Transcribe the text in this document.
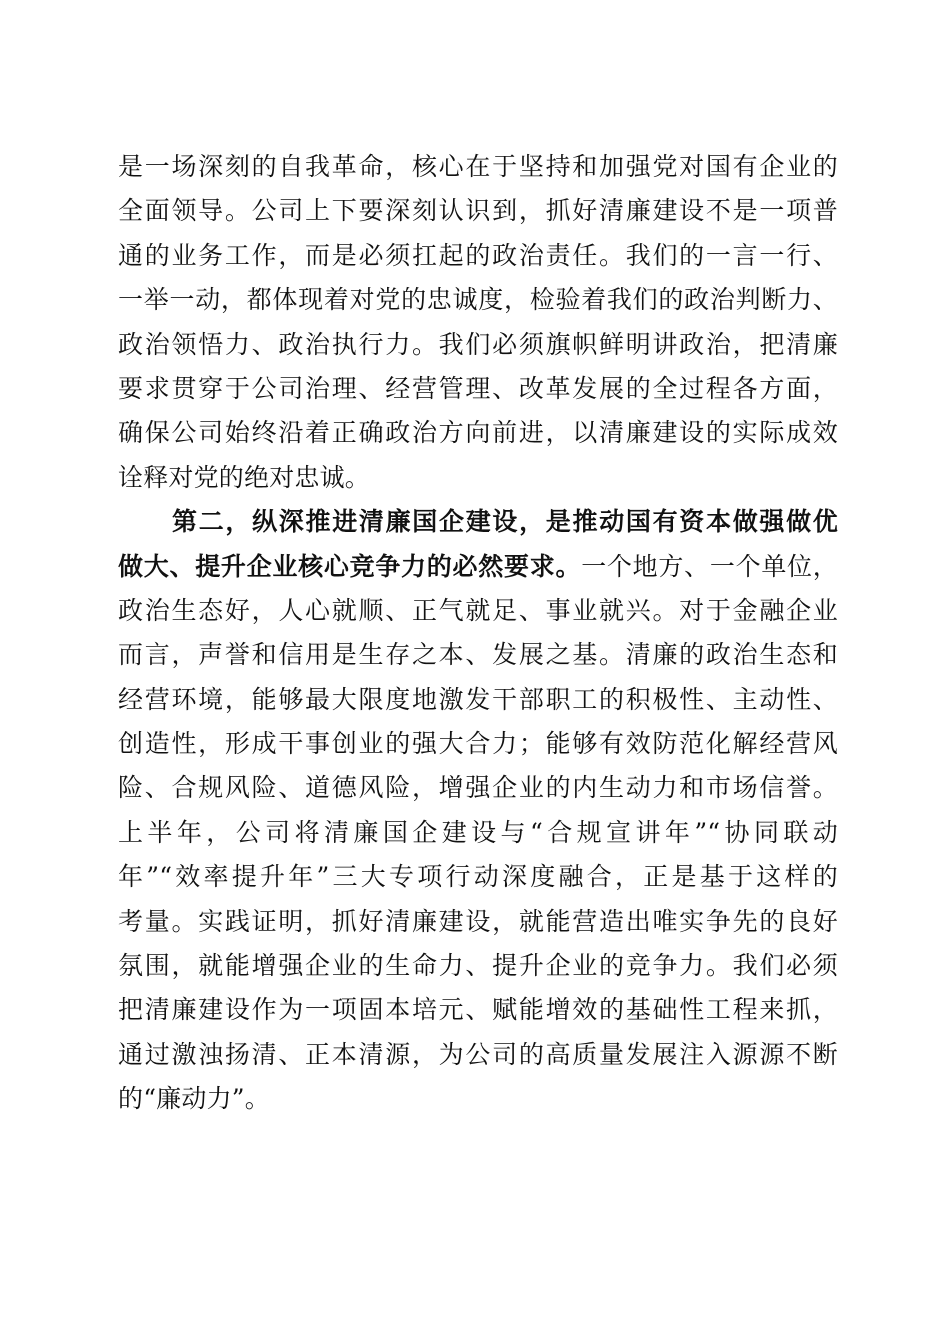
是一场深刻的自我革命，核心在于坚持和加强党对国有企业的
全面领导。公司上下要深刻认识到，抓好清廉建设不是一项普
通的业务工作，而是必须扛起的政治责任。我们的一言一行、
一举一动，都体现着对党的忠诚度，检验着我们的政治判断力、
政治领悟力、政治执行力。我们必须旗帜鲜明讲政治，把清廉
要求贯穿于公司治理、经营管理、改革发展的全过程各方面，
确保公司始终沿着正确政治方向前进，以清廉建设的实际成效
诠释对党的绝对忠诚。
第二，纵深推进清廉国企建设，是推动国有资本做强做优
做大、提升企业核心竞争力的必然要求。一个地方、一个单位，
政治生态好，人心就顺、正气就足、事业就兴。对于金融企业
而言，声誉和信用是生存之本、发展之基。清廉的政治生态和
经营环境，能够最大限度地激发干部职工的积极性、主动性、
创造性，形成干事创业的强大合力；能够有效防范化解经营风
险、合规风险、道德风险，增强企业的内生动力和市场信誉。
上半年，公司将清廉国企建设与“合规宣讲年”“协同联动
年”“效率提升年”三大专项行动深度融合，正是基于这样的
考量。实践证明，抓好清廉建设，就能营造出唯实争先的良好
氛围，就能增强企业的生命力、提升企业的竞争力。我们必须
把清廉建设作为一项固本培元、赋能增效的基础性工程来抓，
通过激浊扬清、正本清源，为公司的高质量发展注入源源不断
的“廉动力”。
